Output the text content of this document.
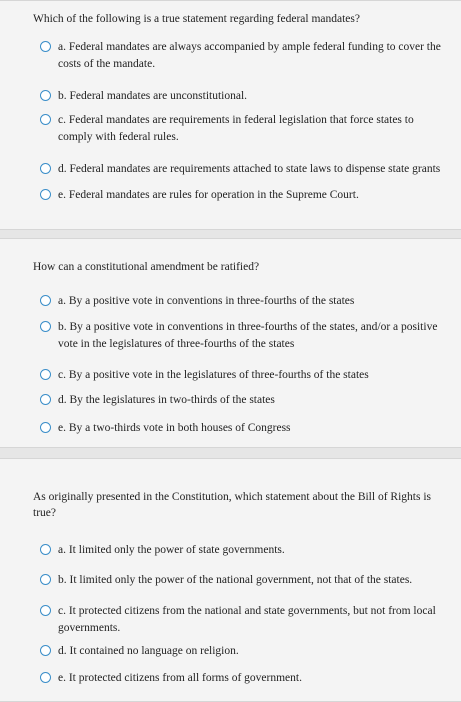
Which of the following is a true statement regarding federal mandates?
a. Federal mandates are always accompanied by ample federal funding to cover the costs of the mandate.
b. Federal mandates are unconstitutional.
c. Federal mandates are requirements in federal legislation that force states to comply with federal rules.
d. Federal mandates are requirements attached to state laws to dispense state grants
e. Federal mandates are rules for operation in the Supreme Court.
How can a constitutional amendment be ratified?
a. By a positive vote in conventions in three-fourths of the states
b. By a positive vote in conventions in three-fourths of the states, and/or a positive vote in the legislatures of three-fourths of the states
c. By a positive vote in the legislatures of three-fourths of the states
d. By the legislatures in two-thirds of the states
e. By a two-thirds vote in both houses of Congress
As originally presented in the Constitution, which statement about the Bill of Rights is true?
a. It limited only the power of state governments.
b. It limited only the power of the national government, not that of the states.
c. It protected citizens from the national and state governments, but not from local governments.
d. It contained no language on religion.
e. It protected citizens from all forms of government.
